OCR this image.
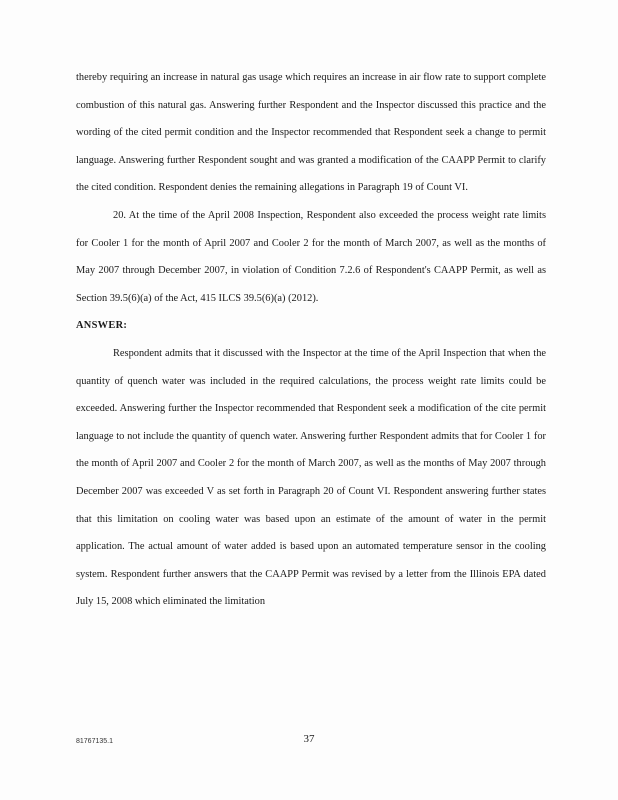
thereby requiring an increase in natural gas usage which requires an increase in air flow rate to support complete combustion of this natural gas. Answering further Respondent and the Inspector discussed this practice and the wording of the cited permit condition and the Inspector recommended that Respondent seek a change to permit language. Answering further Respondent sought and was granted a modification of the CAAPP Permit to clarify the cited condition. Respondent denies the remaining allegations in Paragraph 19 of Count VI.

20. At the time of the April 2008 Inspection, Respondent also exceeded the process weight rate limits for Cooler 1 for the month of April 2007 and Cooler 2 for the month of March 2007, as well as the months of May 2007 through December 2007, in violation of Condition 7.2.6 of Respondent's CAAPP Permit, as well as Section 39.5(6)(a) of the Act, 415 ILCS 39.5(6)(a) (2012).

ANSWER:

Respondent admits that it discussed with the Inspector at the time of the April Inspection that when the quantity of quench water was included in the required calculations, the process weight rate limits could be exceeded. Answering further the Inspector recommended that Respondent seek a modification of the cite permit language to not include the quantity of quench water. Answering further Respondent admits that for Cooler 1 for the month of April 2007 and Cooler 2 for the month of March 2007, as well as the months of May 2007 through December 2007 was exceeded V as set forth in Paragraph 20 of Count VI. Respondent answering further states that this limitation on cooling water was based upon an estimate of the amount of water in the permit application. The actual amount of water added is based upon an automated temperature sensor in the cooling system. Respondent further answers that the CAAPP Permit was revised by a letter from the Illinois EPA dated July 15, 2008 which eliminated the limitation

81767135.1	37
